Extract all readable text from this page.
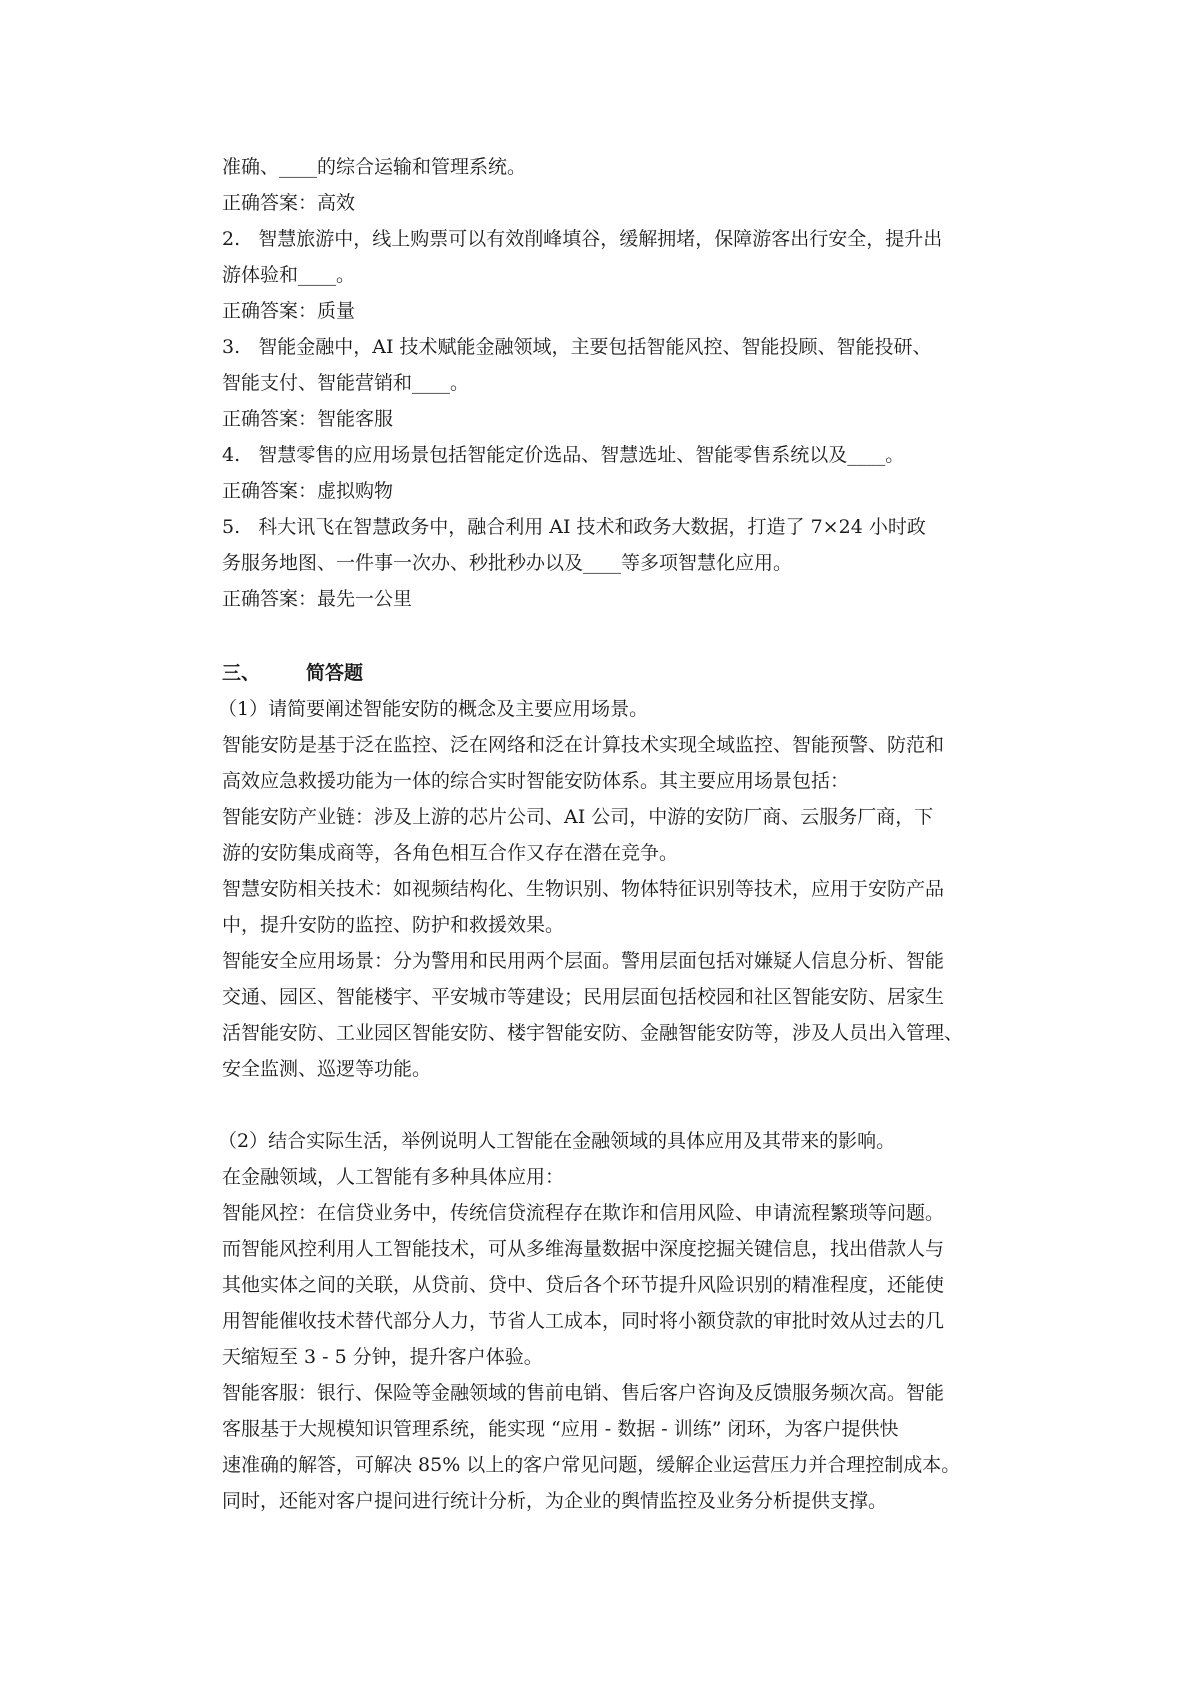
准确、____的综合运输和管理系统。
正确答案：高效
2.   智慧旅游中，线上购票可以有效削峰填谷，缓解拥堵，保障游客出行安全，提升出
游体验和____。
正确答案：质量
3.   智能金融中，AI 技术赋能金融领域，主要包括智能风控、智能投顾、智能投研、
智能支付、智能营销和____。
正确答案：智能客服
4.   智慧零售的应用场景包括智能定价选品、智慧选址、智能零售系统以及____。
正确答案：虚拟购物
5.   科大讯飞在智慧政务中，融合利用 AI 技术和政务大数据，打造了 7×24 小时政
务服务地图、一件事一次办、秒批秒办以及____等多项智慧化应用。
正确答案：最先一公里
三、 简答题
（1）请简要阐述智能安防的概念及主要应用场景。
智能安防是基于泛在监控、泛在网络和泛在计算技术实现全域监控、智能预警、防范和
高效应急救援功能为一体的综合实时智能安防体系。其主要应用场景包括：
智能安防产业链：涉及上游的芯片公司、AI 公司，中游的安防厂商、云服务厂商，下
游的安防集成商等，各角色相互合作又存在潜在竞争。
智慧安防相关技术：如视频结构化、生物识别、物体特征识别等技术，应用于安防产品
中，提升安防的监控、防护和救援效果。
智能安全应用场景：分为警用和民用两个层面。警用层面包括对嫌疑人信息分析、智能
交通、园区、智能楼宇、平安城市等建设；民用层面包括校园和社区智能安防、居家生
活智能安防、工业园区智能安防、楼宇智能安防、金融智能安防等，涉及人员出入管理、
安全监测、巡逻等功能。
（2）结合实际生活，举例说明人工智能在金融领域的具体应用及其带来的影响。
在金融领域，人工智能有多种具体应用：
智能风控：在信贷业务中，传统信贷流程存在欺诈和信用风险、申请流程繁琐等问题。
而智能风控利用人工智能技术，可从多维海量数据中深度挖掘关键信息，找出借款人与
其他实体之间的关联，从贷前、贷中、贷后各个环节提升风险识别的精准程度，还能使
用智能催收技术替代部分人力，节省人工成本，同时将小额贷款的审批时效从过去的几
天缩短至 3 - 5 分钟，提升客户体验。
智能客服：银行、保险等金融领域的售前电销、售后客户咨询及反馈服务频次高。智能
客服基于大规模知识管理系统，能实现 “应用 - 数据 - 训练” 闭环，为客户提供快
速准确的解答，可解决 85% 以上的客户常见问题，缓解企业运营压力并合理控制成本。
同时，还能对客户提问进行统计分析，为企业的舆情监控及业务分析提供支撑。
